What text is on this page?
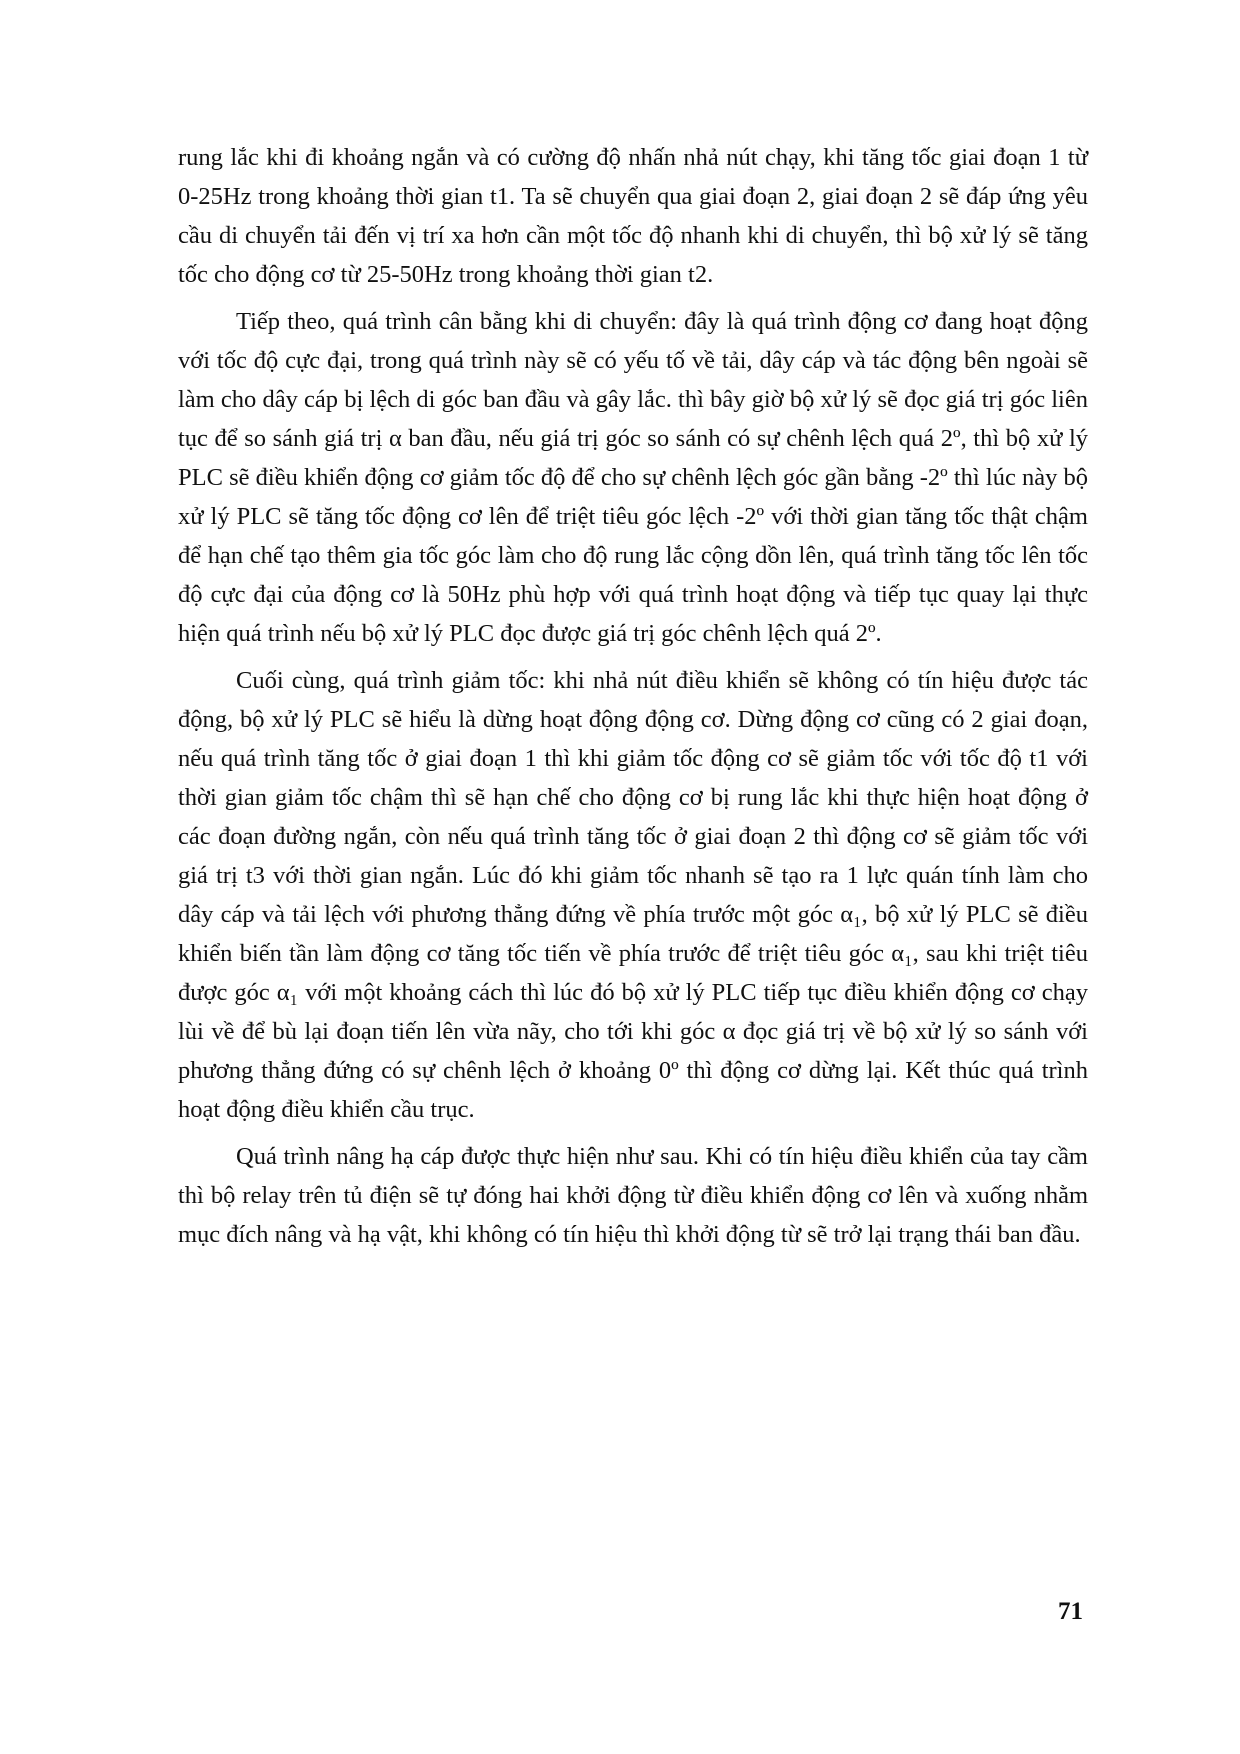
rung lắc khi đi khoảng ngắn và có cường độ nhấn nhả nút chạy, khi tăng tốc giai đoạn 1 từ 0-25Hz trong khoảng thời gian t1. Ta sẽ chuyển qua giai đoạn 2, giai đoạn 2 sẽ đáp ứng yêu cầu di chuyển tải đến vị trí xa hơn cần một tốc độ nhanh khi di chuyển, thì bộ xử lý sẽ tăng tốc cho động cơ từ 25-50Hz trong khoảng thời gian t2.

Tiếp theo, quá trình cân bằng khi di chuyển: đây là quá trình động cơ đang hoạt động với tốc độ cực đại, trong quá trình này sẽ có yếu tố về tải, dây cáp và tác động bên ngoài sẽ làm cho dây cáp bị lệch di góc ban đầu và gây lắc. thì bây giờ bộ xử lý sẽ đọc giá trị góc liên tục để so sánh giá trị α ban đầu, nếu giá trị góc so sánh có sự chênh lệch quá 2º, thì bộ xử lý PLC sẽ điều khiển động cơ giảm tốc độ để cho sự chênh lệch góc gần bằng -2º thì lúc này bộ xử lý PLC sẽ tăng tốc động cơ lên để triệt tiêu góc lệch -2º với thời gian tăng tốc thật chậm để hạn chế tạo thêm gia tốc góc làm cho độ rung lắc cộng dồn lên, quá trình tăng tốc lên tốc độ cực đại của động cơ là 50Hz phù hợp với quá trình hoạt động và tiếp tục quay lại thực hiện quá trình nếu bộ xử lý PLC đọc được giá trị góc chênh lệch quá 2º.

Cuối cùng, quá trình giảm tốc: khi nhả nút điều khiển sẽ không có tín hiệu được tác động, bộ xử lý PLC sẽ hiểu là dừng hoạt động động cơ. Dừng động cơ cũng có 2 giai đoạn, nếu quá trình tăng tốc ở giai đoạn 1 thì khi giảm tốc động cơ sẽ giảm tốc với tốc độ t1 với thời gian giảm tốc chậm thì sẽ hạn chế cho động cơ bị rung lắc khi thực hiện hoạt động ở các đoạn đường ngắn, còn nếu quá trình tăng tốc ở giai đoạn 2 thì động cơ sẽ giảm tốc với giá trị t3 với thời gian ngắn. Lúc đó khi giảm tốc nhanh sẽ tạo ra 1 lực quán tính làm cho dây cáp và tải lệch với phương thẳng đứng về phía trước một góc α₁, bộ xử lý PLC sẽ điều khiển biến tần làm động cơ tăng tốc tiến về phía trước để triệt tiêu góc α₁, sau khi triệt tiêu được góc α₁ với một khoảng cách thì lúc đó bộ xử lý PLC tiếp tục điều khiển động cơ chạy lùi về để bù lại đoạn tiến lên vừa nãy, cho tới khi góc α đọc giá trị về bộ xử lý so sánh với phương thẳng đứng có sự chênh lệch ở khoảng 0º thì động cơ dừng lại. Kết thúc quá trình hoạt động điều khiển cầu trục.

Quá trình nâng hạ cáp được thực hiện như sau. Khi có tín hiệu điều khiển của tay cầm thì bộ relay trên tủ điện sẽ tự đóng hai khởi động từ điều khiển động cơ lên và xuống nhằm mục đích nâng và hạ vật, khi không có tín hiệu thì khởi động từ sẽ trở lại trạng thái ban đầu.

71
